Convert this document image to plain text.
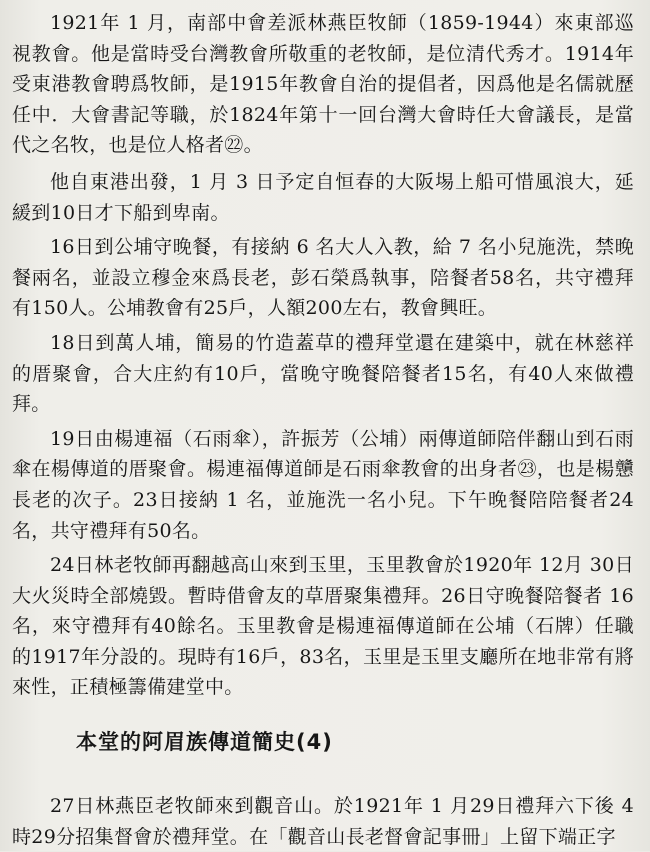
1921年 1 月，南部中會差派林燕臣牧師（1859-1944）來東部巡視教會。他是當時受台灣教會所敬重的老牧師，是位清代秀才。1914年受東港教會聘爲牧師，是1915年教會自治的提倡者，因爲他是名儒就歷任中．大會書記等職，於1824年第十一回台灣大會時任大會議長，是當代之名牧，也是位人格者㉒。

他自東港出發，1 月 3 日予定自恒春的大阪埸上船可惜風浪大，延緩到10日才下船到卑南。

16日到公埔守晚餐，有接納 6 名大人入教，給 7 名小兒施洗，禁晚餐兩名，並設立穆金來爲長老，彭石榮爲執事，陪餐者58名，共守禮拜有150人。公埔教會有25戶，人額200左右，教會興旺。

18日到萬人埔，簡易的竹造蓋草的禮拜堂還在建築中，就在林慈祥的厝聚會，合大庄約有10戶，當晚守晚餐陪餐者15名，有40人來做禮拜。

19日由楊連福（石雨傘），許振芳（公埔）兩傳道師陪伴翻山到石雨傘在楊傳道的厝聚會。楊連福傳道師是石雨傘教會的出身者㉓，也是楊戇長老的次子。23日接納 1 名，並施洗一名小兒。下午晚餐陪陪餐者24名，共守禮拜有50名。

24日林老牧師再翻越高山來到玉里，玉里教會於1920年 12月 30日大火災時全部燒毀。暫時借會友的草厝聚集禮拜。26日守晚餐陪餐者 16名，來守禮拜有40餘名。玉里教會是楊連福傳道師在公埔（石牌）任職的1917年分設的。現時有16戶，83名，玉里是玉里支廳所在地非常有將來性，正積極籌備建堂中。

本堂的阿眉族傳道簡史(4)

27日林燕臣老牧師來到觀音山。於1921年 1 月29日禮拜六下後 4 時29分招集督會於禮拜堂。在「觀音山長老督會記事冊」上留下端正字
